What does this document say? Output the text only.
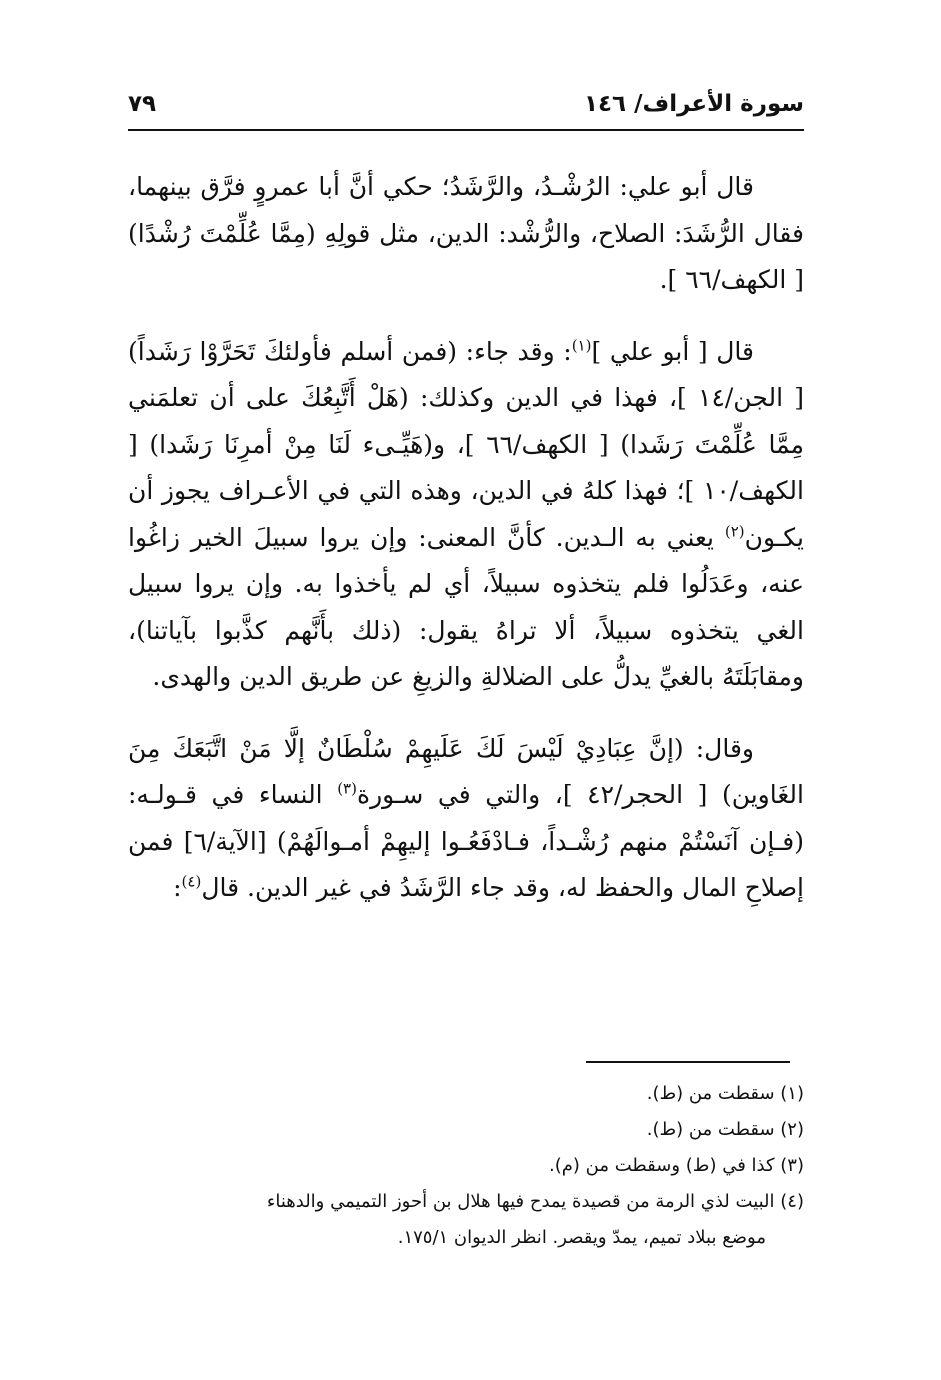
سورة الأعراف/ ١٤٦
٧٩

قال أبو علي: الرُشْـدُ، والرَّشَدُ؛ حكي أنَّ أبا عمروٍ فرَّق بينهما، فقال الرُّشَدَ: الصلاح، والرُّشْد: الدين، مثل قولِهِ (مِمَّا عُلِّمْتَ رُشْدًا) [ الكهف/٦٦ ].

قال [ أبو علي ]$^{(١)}$: وقد جاء: (فمن أسلم فأولئكَ تَحَرَّوْا رَشَداً) [ الجن/١٤ ]، فهذا في الدين وكذلك: (هَلْ أَتَّبِعُكَ على أن تعلمَني مِمَّا عُلِّمْتَ رَشَدا) [ الكهف/٦٦ ]، و(هَيِّـىء لَنَا مِنْ أمرِنَا رَشَدا) [ الكهف/١٠ ]؛ فهذا كلهُ في الدين، وهذه التي في الأعـراف يجوز أن يكـون$^{(٢)}$ يعني به الـدين. كأنَّ المعنى: وإن يروا سبيلَ الخير زاغُوا عنه، وعَدَلُوا فلم يتخذوه سبيلاً، أي لم يأخذوا به. وإن يروا سبيل الغي يتخذوه سبيلاً، ألا تراهُ يقول: (ذلك بأَنَّهم كذَّبوا بآياتنا)، ومقابَلَتَهُ بالغيِّ يدلُّ على الضلالةِ والزيغِ عن طريق الدين والهدى.

وقال: (إنَّ عِبَادِيْ لَيْسَ لَكَ عَلَيهِمْ سُلْطَانٌ إلَّا مَنْ اتَّبَعَكَ مِنَ الغَاوين) [ الحجر/٤٢ ]، والتي في سـورة$^{(٣)}$ النساء في قـولـه: (فـإن آنَسْتُمْ منهم رُشْـداً، فـادْفَعُـوا إليهِمْ أمـوالَهُمْ) [الآية/٦] فمن إصلاحِ المال والحفظ له، وقد جاء الرَّشَدُ في غير الدين. قال$^{(٤)}$:

(١) سقطت من (ط).

(٢) سقطت من (ط).

(٣) كذا في (ط) وسقطت من (م).

(٤) البيت لذي الرمة من قصيدة يمدح فيها هلال بن أحوز التميمي والدهناء
موضع ببلاد تميم، يمدّ ويقصر. انظر الديوان ١٧٥/١.
